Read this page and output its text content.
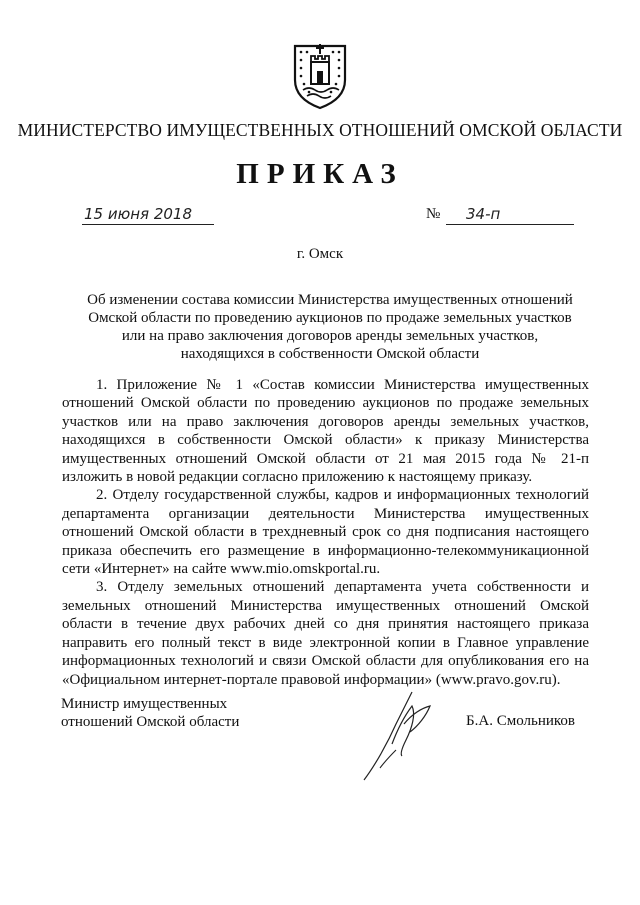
МИНИСТЕРСТВО ИМУЩЕСТВЕННЫХ ОТНОШЕНИЙ ОМСКОЙ ОБЛАСТИ
ПРИКАЗ
15 июня 2018	№ 34-п
г. Омск
Об изменении состава комиссии Министерства имущественных отношений Омской области по проведению аукционов по продаже земельных участков или на право заключения договоров аренды земельных участков, находящихся в собственности Омской области

1. Приложение № 1 «Состав комиссии Министерства имущественных отношений Омской области по проведению аукционов по продаже земельных участков или на право заключения договоров аренды земельных участков, находящихся в собственности Омской области» к приказу Министерства имущественных отношений Омской области от 21 мая 2015 года № 21-п изложить в новой редакции согласно приложению к настоящему приказу.

2. Отделу государственной службы, кадров и информационных технологий департамента организации деятельности Министерства имущественных отношений Омской области в трехдневный срок со дня подписания настоящего приказа обеспечить его размещение в информационно-телекоммуникационной сети «Интернет» на сайте www.mio.omskportal.ru.

3. Отделу земельных отношений департамента учета собственности и земельных отношений Министерства имущественных отношений Омской области в течение двух рабочих дней со дня принятия настоящего приказа направить его полный текст в виде электронной копии в Главное управление информационных технологий и связи Омской области для опубликования его на «Официальном интернет-портале правовой информации» (www.pravo.gov.ru).

Министр имущественных
отношений Омской области	Б.А. Смольников
